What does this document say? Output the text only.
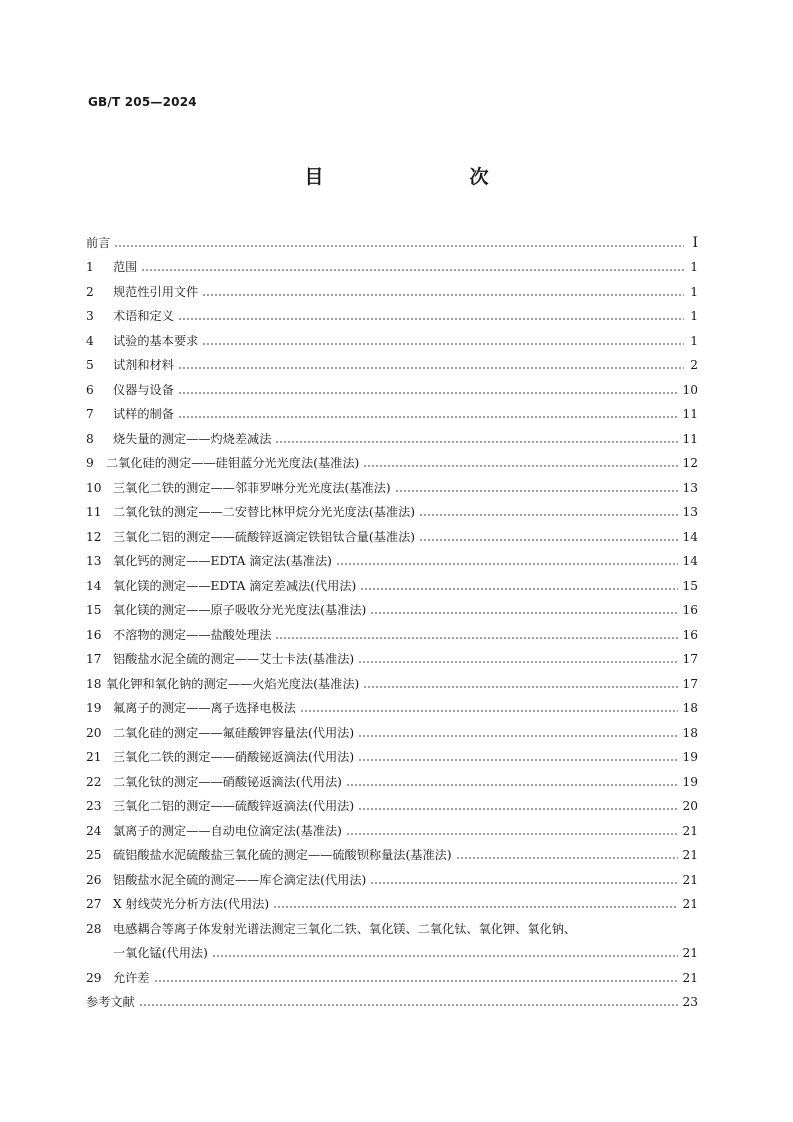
GB/T 205—2024
目　　次
前言	Ⅰ
1	范围	1
2	规范性引用文件	1
3	术语和定义	1
4	试验的基本要求	1
5	试剂和材料	2
6	仪器与设备	10
7	试样的制备	11
8	烧失量的测定——灼烧差减法	11
9	二氧化硅的测定——硅钼蓝分光光度法(基准法)	12
10 三氧化二铁的测定——邻菲罗啉分光光度法(基准法)	13
11 二氧化钛的测定——二安替比林甲烷分光光度法(基准法)	13
12 三氧化二铝的测定——硫酸锌返滴定铁铝钛合量(基准法)	14
13 氧化钙的测定——EDTA 滴定法(基准法)	14
14 氧化镁的测定——EDTA 滴定差减法(代用法)	15
15 氧化镁的测定——原子吸收分光光度法(基准法)	16
16 不溶物的测定——盐酸处理法	16
17 铝酸盐水泥全硫的测定——艾士卡法(基准法)	17
18 氧化钾和氧化钠的测定——火焰光度法(基准法)	17
19 氟离子的测定——离子选择电极法	18
20 二氧化硅的测定——氟硅酸钾容量法(代用法)	18
21 三氧化二铁的测定——硝酸铋返滴法(代用法)	19
22 二氧化钛的测定——硝酸铋返滴法(代用法)	19
23 三氧化二铝的测定——硫酸锌返滴法(代用法)	20
24 氯离子的测定——自动电位滴定法(基准法)	21
25 硫铝酸盐水泥硫酸盐三氧化硫的测定——硫酸钡称量法(基准法)	21
26 铝酸盐水泥全硫的测定——库仑滴定法(代用法)	21
27 X 射线荧光分析方法(代用法)	21
28 电感耦合等离子体发射光谱法测定三氧化二铁、氧化镁、二氧化钛、氧化钾、氧化钠、
一氧化锰(代用法)	21
29 允许差	21
参考文献	23
